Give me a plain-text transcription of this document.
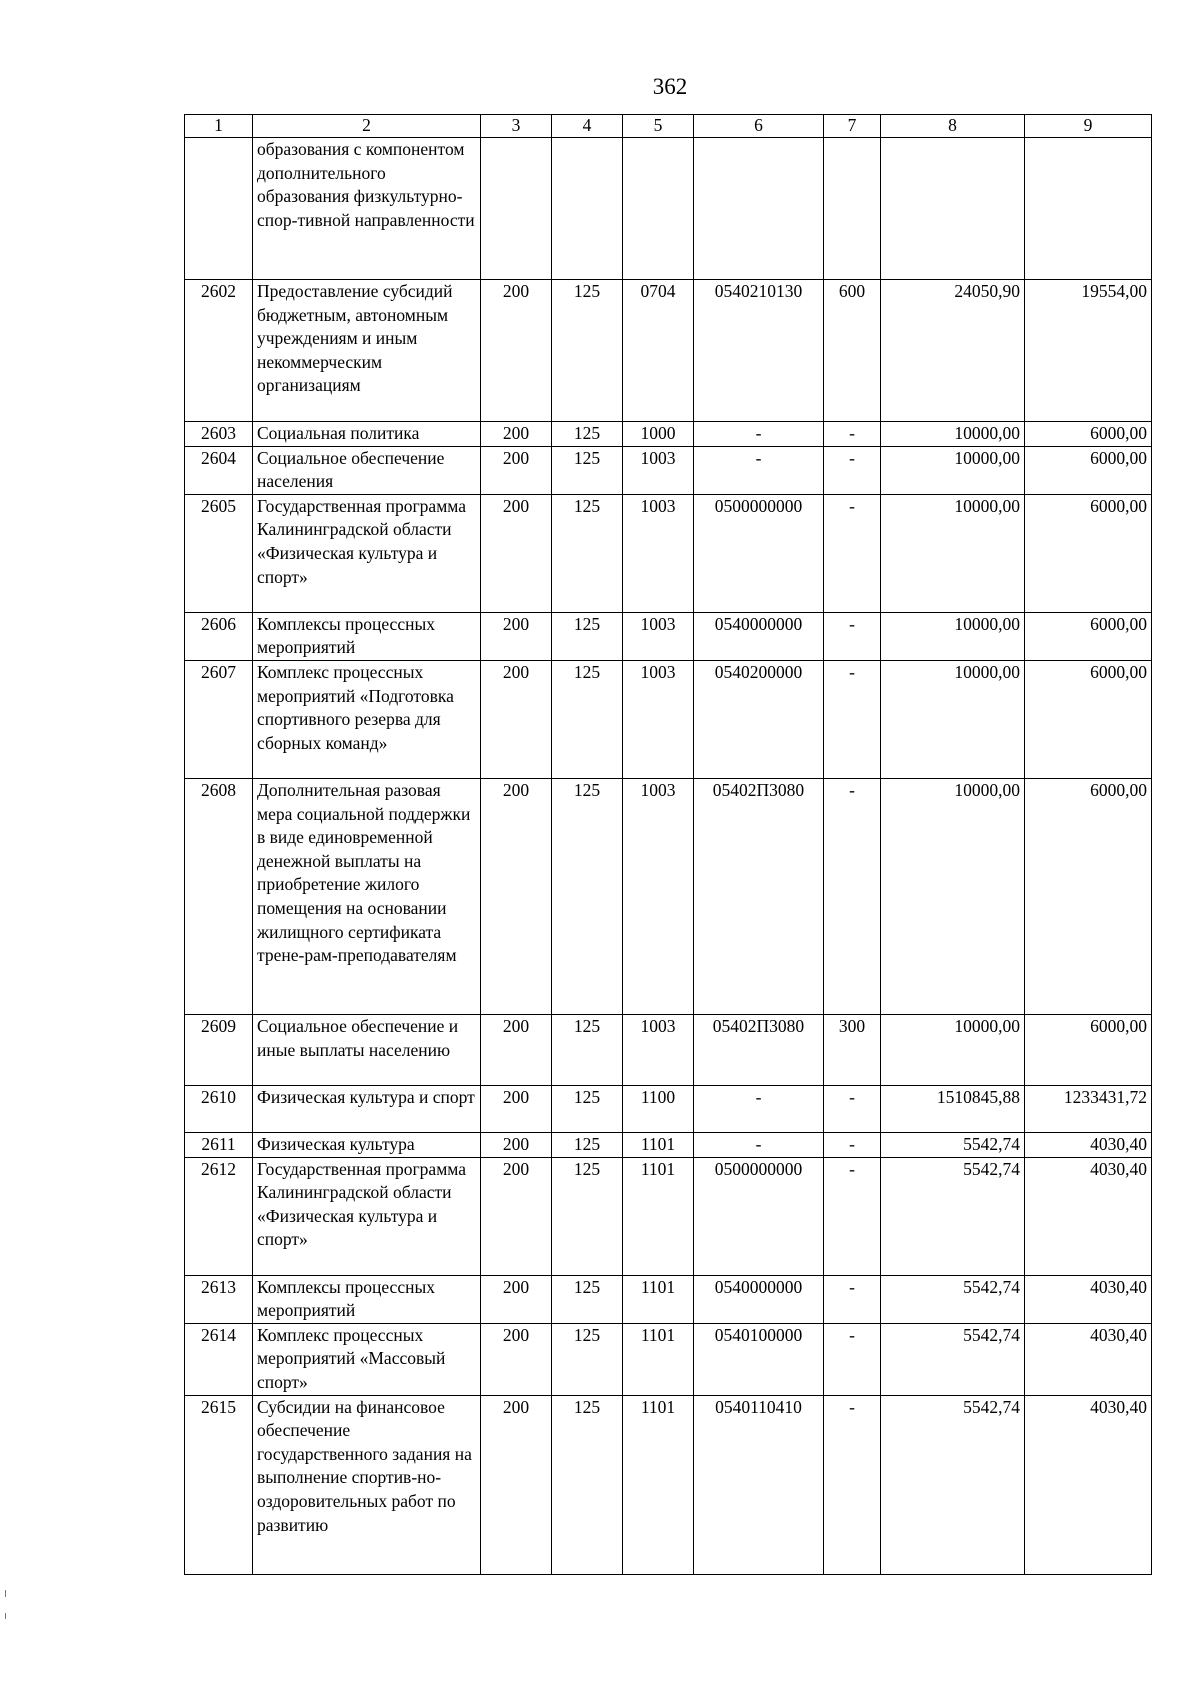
362
1	2	3	4	5	6	7	8	9
	образования с компонентом дополнительного образования физкультурно-спор-тивной направленности							
2602	Предоставление субсидий бюджетным, автономным учреждениям и иным некоммерческим организациям	200	125	0704	0540210130	600	24050,90	19554,00
2603	Социальная политика	200	125	1000	-	-	10000,00	6000,00
2604	Социальное обеспечение населения	200	125	1003	-	-	10000,00	6000,00
2605	Государственная программа Калининградской области «Физическая культура и спорт»	200	125	1003	0500000000	-	10000,00	6000,00
2606	Комплексы процессных мероприятий	200	125	1003	0540000000	-	10000,00	6000,00
2607	Комплекс процессных мероприятий «Подготовка спортивного резерва для сборных команд»	200	125	1003	0540200000	-	10000,00	6000,00
2608	Дополнительная разовая мера социальной поддержки в виде единовременной денежной выплаты на приобретение жилого помещения на основании жилищного сертификата трене-рам-преподавателям	200	125	1003	05402П3080	-	10000,00	6000,00
2609	Социальное обеспечение и иные выплаты населению	200	125	1003	05402П3080	300	10000,00	6000,00
2610	Физическая культура и спорт	200	125	1100	-	-	1510845,88	1233431,72
2611	Физическая культура	200	125	1101	-	-	5542,74	4030,40
2612	Государственная программа Калининградской области «Физическая культура и спорт»	200	125	1101	0500000000	-	5542,74	4030,40
2613	Комплексы процессных мероприятий	200	125	1101	0540000000	-	5542,74	4030,40
2614	Комплекс процессных мероприятий «Массовый спорт»	200	125	1101	0540100000	-	5542,74	4030,40
2615	Субсидии на финансовое обеспечение государственного задания на выполнение спортив-но-оздоровительных работ по развитию	200	125	1101	0540110410	-	5542,74	4030,40
